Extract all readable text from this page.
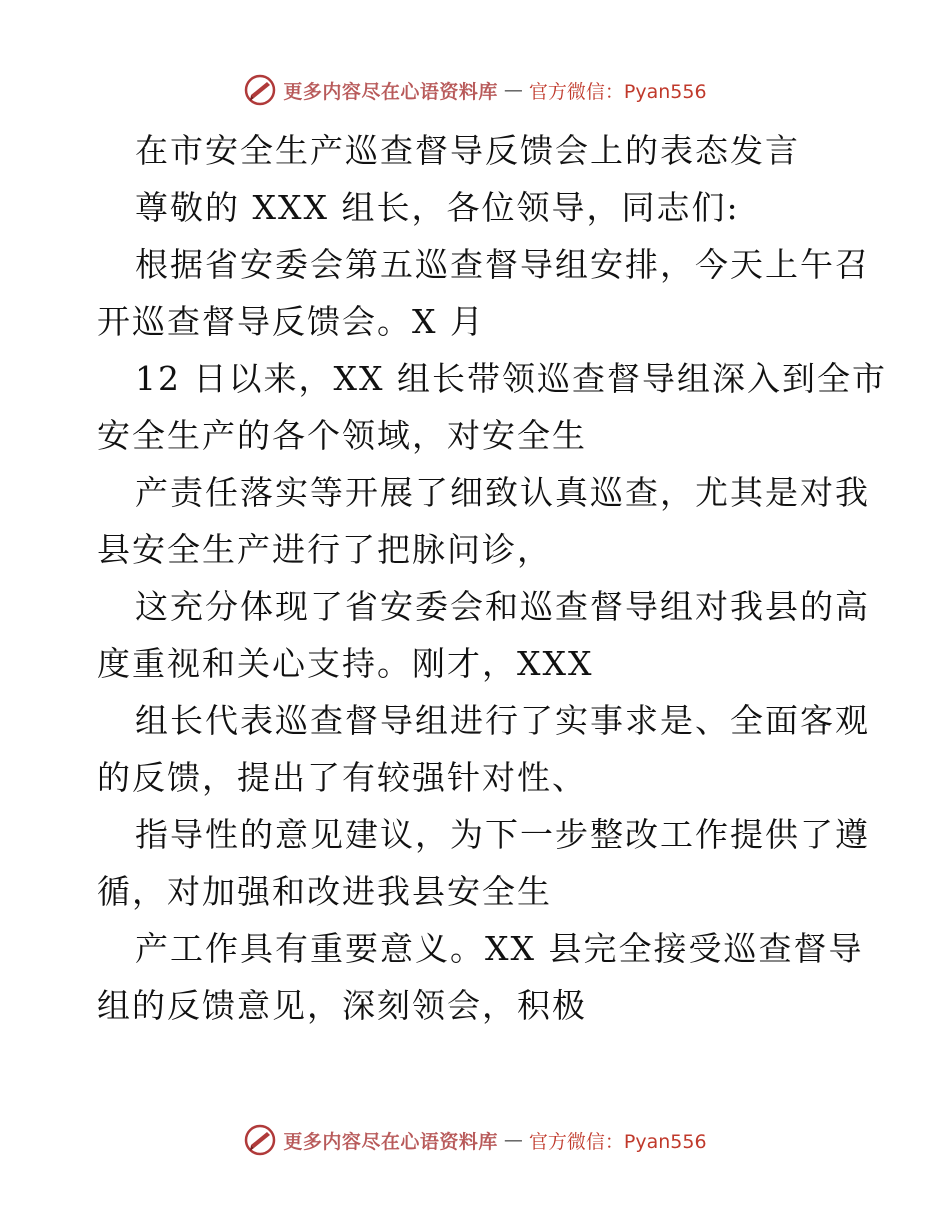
更多内容尽在心语资料库 — 官方微信：Pyan556
在市安全生产巡查督导反馈会上的表态发言
尊敬的 XXX 组长，各位领导，同志们:
根据省安委会第五巡查督导组安排，今天上午召
开巡查督导反馈会。X 月
12 日以来，XX 组长带领巡查督导组深入到全市
安全生产的各个领域，对安全生
产责任落实等开展了细致认真巡查，尤其是对我
县安全生产进行了把脉问诊，
这充分体现了省安委会和巡查督导组对我县的高
度重视和关心支持。刚才，XXX
组长代表巡查督导组进行了实事求是、全面客观
的反馈，提出了有较强针对性、
指导性的意见建议，为下一步整改工作提供了遵
循，对加强和改进我县安全生
产工作具有重要意义。XX 县完全接受巡查督导
组的反馈意见，深刻领会，积极
更多内容尽在心语资料库 — 官方微信：Pyan556
